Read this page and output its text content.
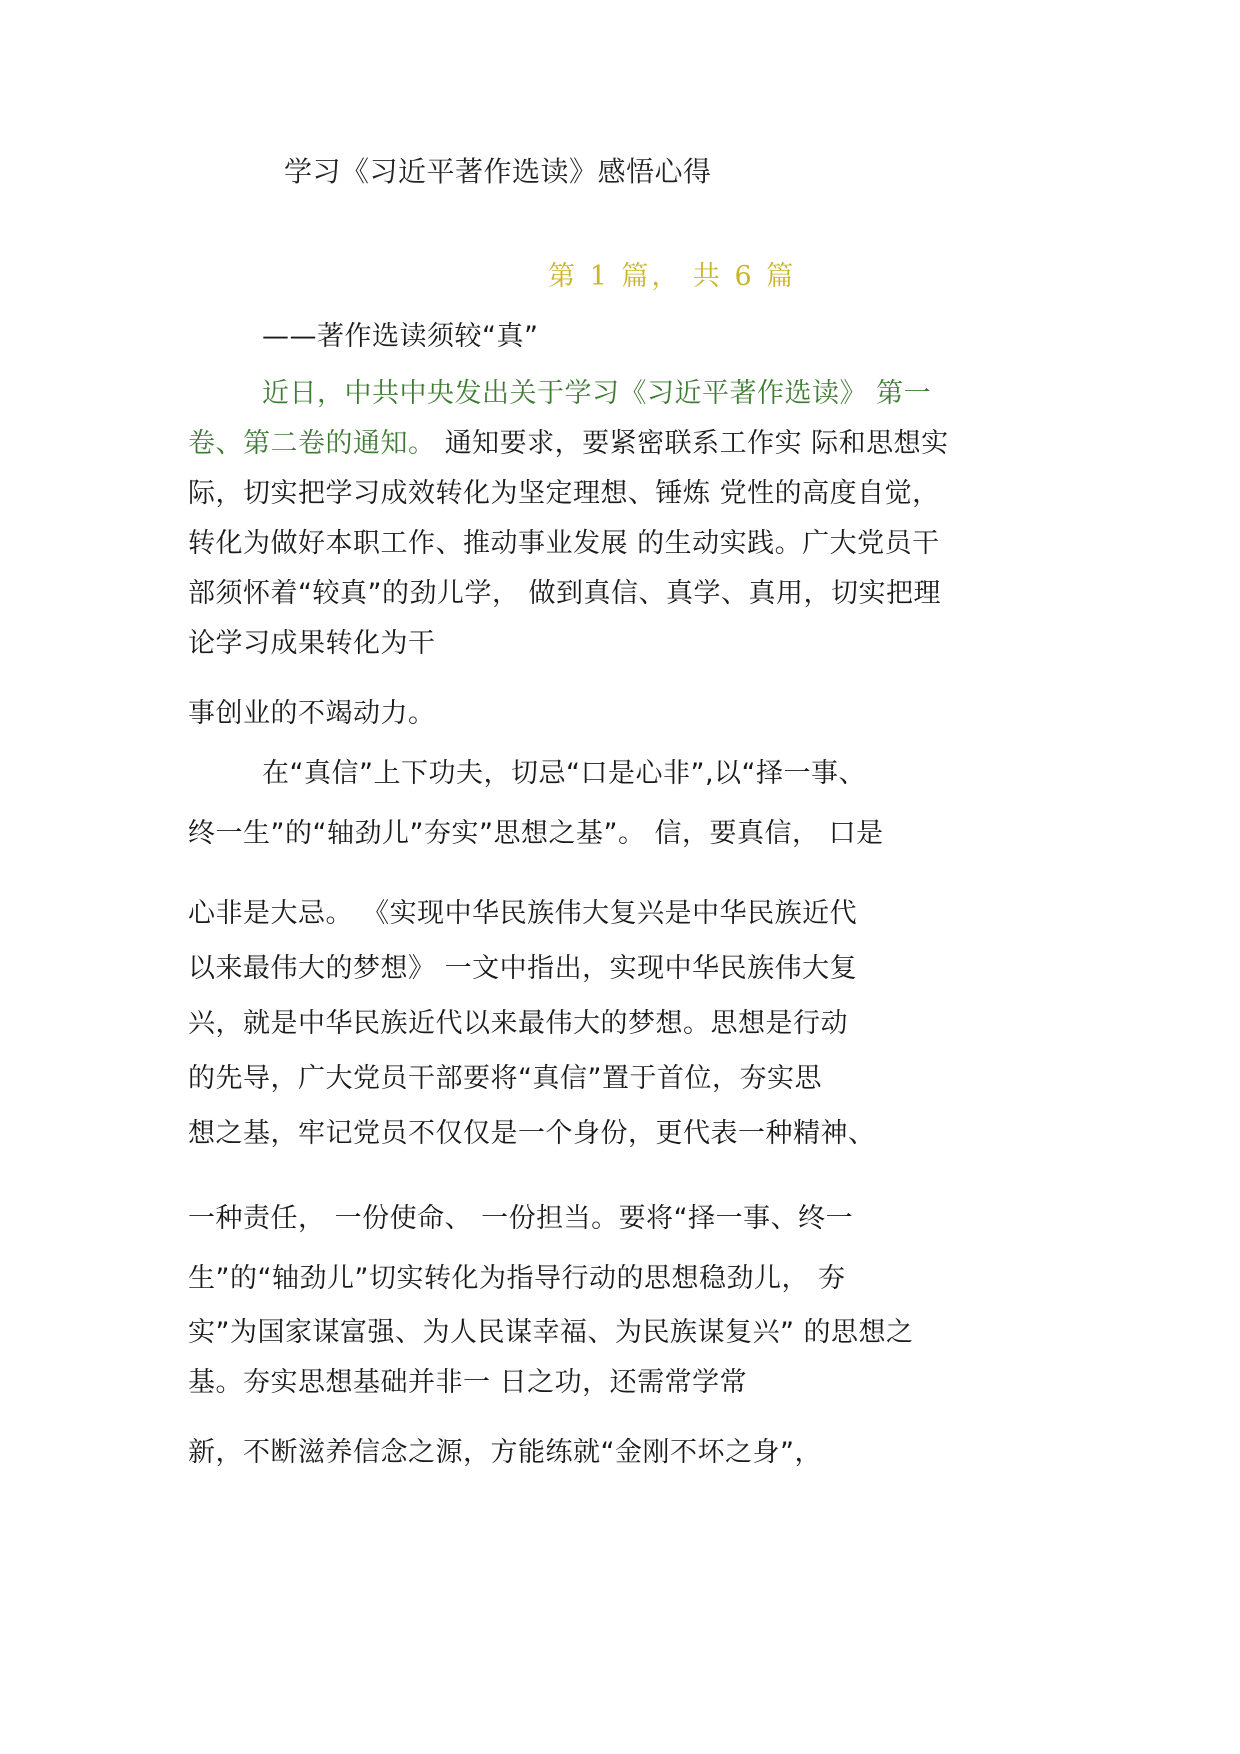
学习《习近平著作选读》感悟心得
第 1 篇， 共 6 篇
——著作选读须较“真”
近日，中共中央发出关于学习《习近平著作选读》 第一
卷、第二卷的通知。 通知要求，要紧密联系工作实 际和思想实
际，切实把学习成效转化为坚定理想、锤炼 党性的高度自觉，
转化为做好本职工作、推动事业发展 的生动实践。广大党员干
部须怀着“较真”的劲儿学， 做到真信、真学、真用，切实把理
论学习成果转化为干
事创业的不竭动力。
在“真信”上下功夫，切忌“口是心非”,以“择一事、
终一生”的“轴劲儿”夯实”思想之基”。 信，要真信， 口是
心非是大忌。 《实现中华民族伟大复兴是中华民族近代
以来最伟大的梦想》 一文中指出，实现中华民族伟大复
兴，就是中华民族近代以来最伟大的梦想。思想是行动
的先导，广大党员干部要将“真信”置于首位，夯实思
想之基，牢记党员不仅仅是一个身份，更代表一种精神、
一种责任， 一份使命、 一份担当。要将“择一事、终一
生”的“轴劲儿”切实转化为指导行动的思想稳劲儿， 夯
实”为国家谋富强、为人民谋幸福、为民族谋复兴” 的思想之
基。夯实思想基础并非一 日之功，还需常学常
新，不断滋养信念之源，方能练就“金刚不坏之身”，
